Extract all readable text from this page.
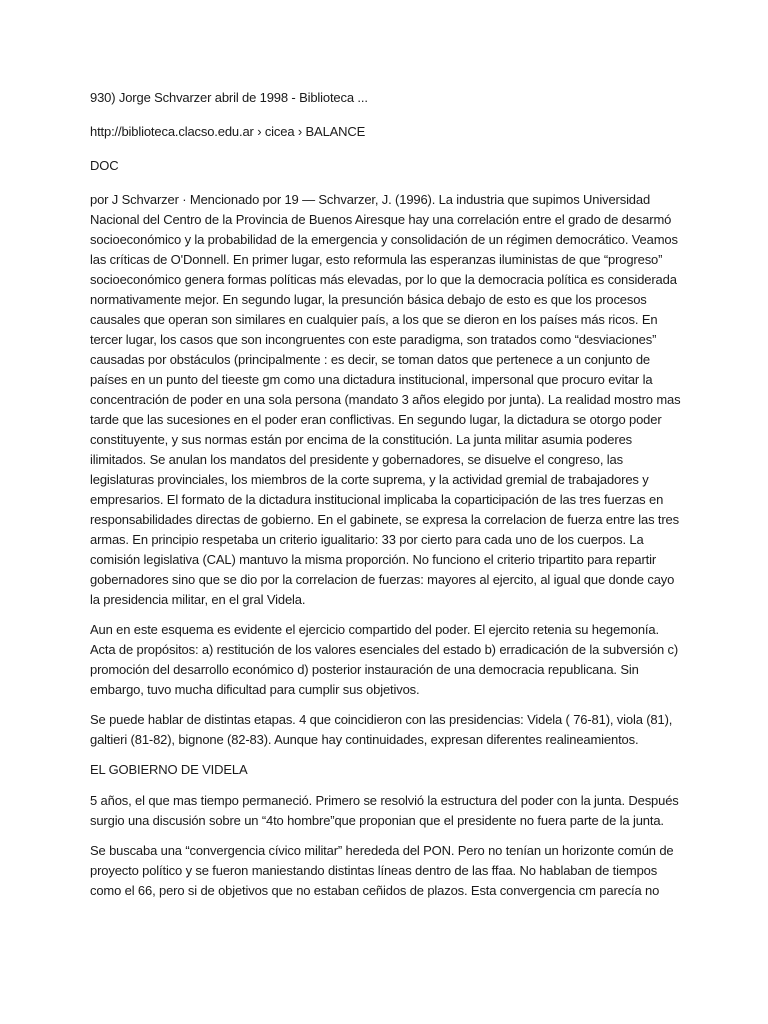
930) Jorge Schvarzer abril de 1998 - Biblioteca ...

http://biblioteca.clacso.edu.ar › cicea › BALANCE

DOC

por J Schvarzer · Mencionado por 19 — Schvarzer, J. (1996). La industria que supimos Universidad Nacional del Centro de la Provincia de Buenos Airesque hay una correlación entre el grado de desarmó socioeconómico y la probabilidad de la emergencia y consolidación de un régimen democrático. Veamos las críticas de O'Donnell. En primer lugar, esto reformula las esperanzas iluministas de que “progreso” socioeconómico genera formas políticas más elevadas, por lo que la democracia política es considerada normativamente mejor. En segundo lugar, la presunción básica debajo de esto es que los procesos causales que operan son similares en cualquier país, a los que se dieron en los países más ricos. En tercer lugar, los casos que son incongruentes con este paradigma, son tratados como “desviaciones” causadas por obstáculos (principalmente : es decir, se toman datos que pertenece a un conjunto de países en un punto del tieeste gm como una dictadura institucional, impersonal que procuro evitar la concentración de poder en una sola persona (mandato 3 años elegido por junta). La realidad mostro mas tarde que las sucesiones en el poder eran conflictivas. En segundo lugar, la dictadura se otorgo poder constituyente, y sus normas están por encima de la constitución. La junta militar asumia poderes ilimitados. Se anulan los mandatos del presidente y gobernadores, se disuelve el congreso, las legislaturas provinciales, los miembros de la corte suprema, y la actividad gremial de trabajadores y empresarios. El formato de la dictadura institucional implicaba la coparticipación de las tres fuerzas en responsabilidades directas de gobierno. En el gabinete, se expresa la correlacion de fuerza entre las tres armas. En principio respetaba un criterio igualitario: 33 por cierto para cada uno de los cuerpos. La comisión legislativa (CAL) mantuvo la misma proporción. No funciono el criterio tripartito para repartir gobernadores sino que se dio por la correlacion de fuerzas: mayores al ejercito, al igual que donde cayo la presidencia militar, en el gral Videla.

Aun en este esquema es evidente el ejercicio compartido del poder. El ejercito retenia su hegemonía. Acta de propósitos: a) restitución de los valores esenciales del estado b) erradicación de la subversión c) promoción del desarrollo económico d) posterior instauración de una democracia republicana. Sin embargo, tuvo mucha dificultad para cumplir sus objetivos.

Se puede hablar de distintas etapas. 4 que coincidieron con las presidencias: Videla ( 76-81), viola (81), galtieri (81-82), bignone (82-83). Aunque hay continuidades, expresan diferentes realineamientos.

EL GOBIERNO DE VIDELA

5 años, el que mas tiempo permaneció. Primero se resolvió la estructura del poder con la junta. Después surgio una discusión sobre un “4to hombre”que proponian que el presidente no fuera parte de la junta.

Se buscaba una “convergencia cívico militar” herededa del PON. Pero no tenían un horizonte común de proyecto político y se fueron maniestando distintas líneas dentro de las ffaa. No hablaban de tiempos como el 66, pero si de objetivos que no estaban ceñidos de plazos. Esta convergencia cm parecía no
